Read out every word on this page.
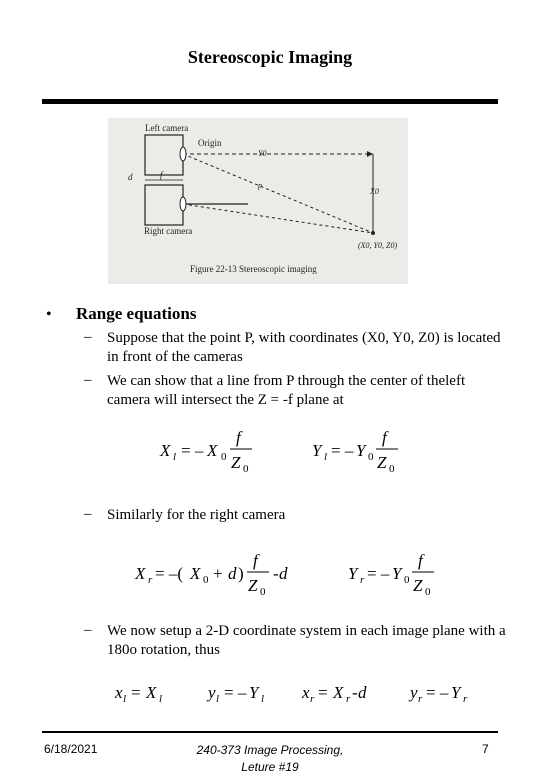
Stereoscopic Imaging
f
d
Y0
p
X0
(X0, Y0, Z0)
Left camera
Right camera
Origin
Figure 22-13 Stereoscopic imaging
• Range equations
– Suppose that the point P, with coordinates (X0, Y0, Z0) is located in front of the cameras
– We can show that a line from P through the center of theleft camera will intersect the Z = -f plane at
X l = – X 0
f
Z 0
Y l = – Y 0
f
Z 0
– Similarly for the right camera
X r = –( X 0 + d )
f
Z 0
- d	Y r = – Y 0
f
Z 0
– We now setup a 2-D coordinate system in each image plane with a 180o rotation, thus
x l = X l	y l = – Y l x r = X r - d	y r = – Y r
6/18/2021	240-373 Image Processing,
Leture #19
7
